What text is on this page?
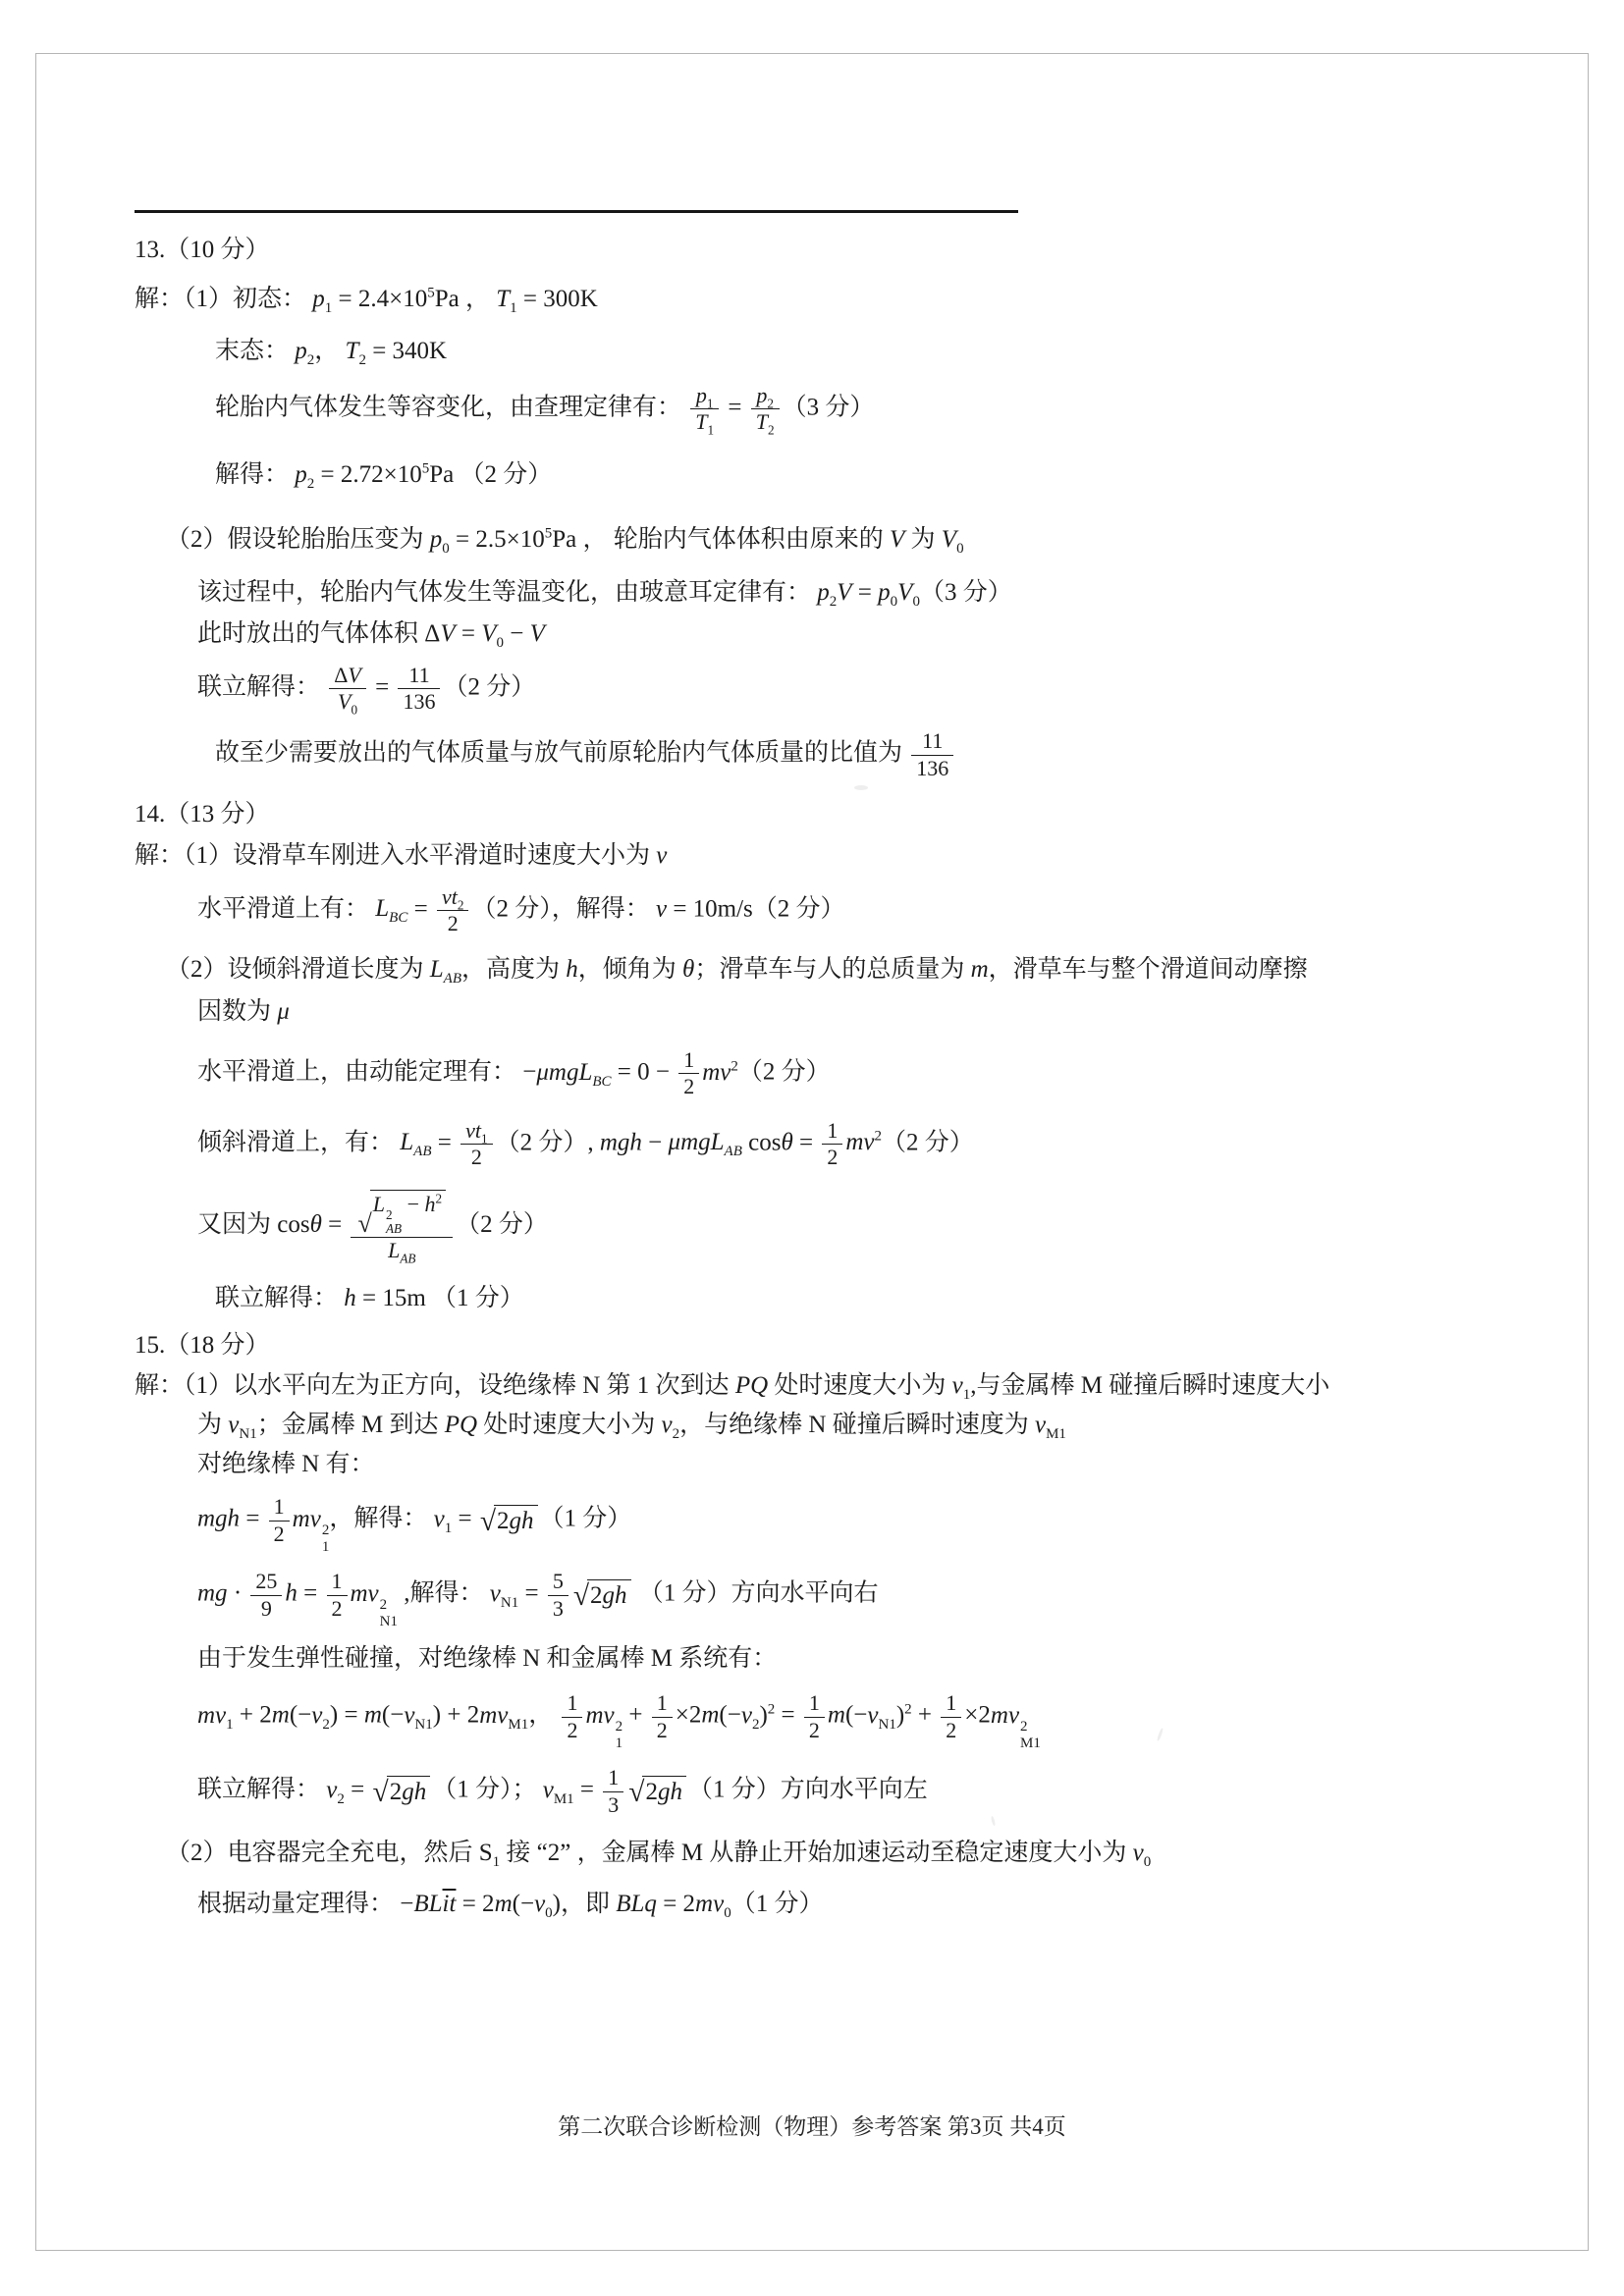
13.（10 分）
解：（1）初态： $p_1 = 2.4\times 10^5Pa$ ， $T_1 = 300K$
末态： $p_2$， $T_2 = 340K$
轮胎内气体发生等容变化，由查理定律有： $\frac{p_1}{T_1} = \frac{p_2}{T_2} (3$ 分）
解得： $p_2 = 2.72\times 10^5Pa$ （2 分）
（2）假设轮胎胎压变为 $p_0 = 2.5\times 10^5Pa$ ， 轮胎内气体体积由原来的 V 为 $V_0$
该过程中，轮胎内气体发生等温变化，由玻意耳定律有： $p_2V = p_0V_0(3$ 分）
此时放出的气体体积 $\Delta V = V_0 - V$
联立解得： $\frac{\Delta V}{V_0} = \frac{11}{136} (2$ 分）
故至少需要放出的气体质量与放气前原轮胎内气体质量的比值为 $\frac{11}{136}$
14.（13 分）
解：（1）设滑草车刚进入水平滑道时速度大小为 v
水平滑道上有： $L_{BC} = \frac{vt_2}{2} (2$ 分），解得： v = 10m/s（2 分）
（2）设倾斜滑道长度为 $L_{AB}$，高度为 h，倾角为 θ；滑草车与人的总质量为 m，滑草车与整个滑道间动摩擦
因数为 μ
水平滑道上，由动能定理有： $-\mu mgL_{BC} = 0 - \frac{1}{2} mv^2(2$ 分）
倾斜滑道上，有： $L_{AB} = \frac{vt_1}{2} (2$ 分）, mgh − μmgL$_{AB}$ $\cos\theta = \frac{1}{2} mv^2(2$ 分）
又因为 cosθ = √ L 2
AB
− $h^2$
$L_{AB}$ （2 分）
联立解得： h = 15m （1 分）
15.（18 分）
解：（1）以水平向左为正方向，设绝缘棒 N 第 1 次到达 PQ 处时速度大小为 $v_1$,与金属棒 M 碰撞后瞬时速度大小
为 $v_{N1}$；金属棒 M 到达 PQ 处时速度大小为 $v_2$，与绝缘棒 N 碰撞后瞬时速度为 $v_{M1}$
对绝缘棒 N 有：
mgh = $\frac{1}{2}$ mv 2
1
，解得： $v_1$ = √ 2gh （1 分）
mg · $\frac{25}{9}$ $h = \frac{1}{2}$ mv 2
N1
,解得： $v_{N1} = \frac{5}{3}$ √ 2gh （1 分）方向水平向右
由于发生弹性碰撞，对绝缘棒 N 和金属棒 M 系统有：
$mv_1 + 2m(-v_2) = m(-v_{N1}) + 2mv_{M1}$， $\frac{1}{2}$ mv 2
1
+ $\frac{1}{2} \times 2m(-v_2)^2 = \frac{1}{2} m(-v_{N1})^2 + \frac{1}{2} \times 2mv$ 2
M1
联立解得： $v_2$ = √ 2gh （1 分）； $v_{M1} = \frac{1}{3}$ √ 2gh （1 分）方向水平向左
（2）电容器完全充电，然后 $S_1$ 接 “2” ，金属棒 M 从静止开始加速运动至稳定速度大小为 $v_0$
根据动量定理得： $-BL\overline{it} = 2m(-v_0)$，即 BLq = $2mv_0(1$ 分）
第二次联合诊断检测（物理）参考答案 第3页 共4页
